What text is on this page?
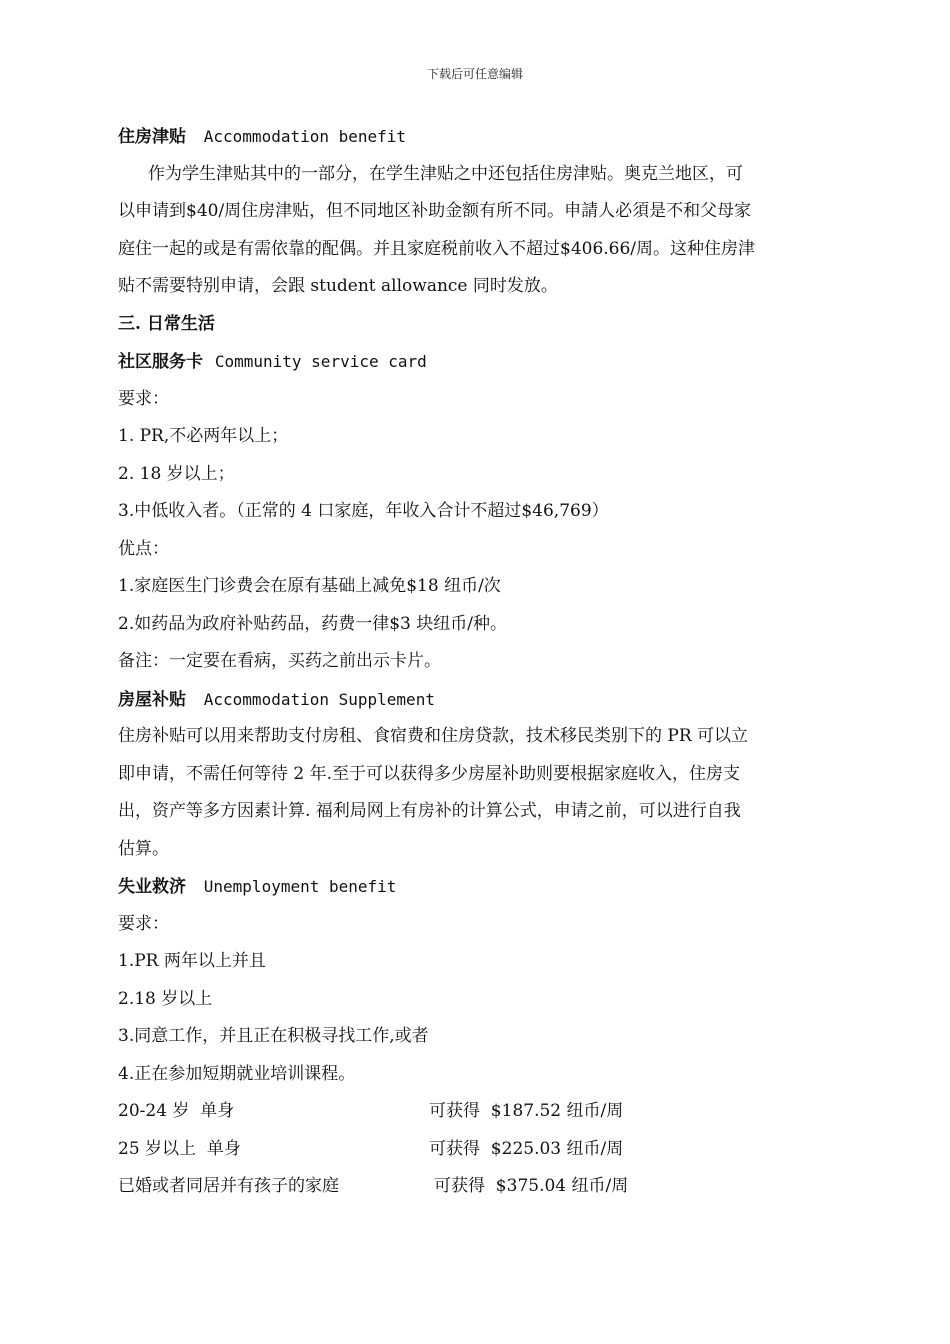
下载后可任意编辑
住房津贴 Accommodation benefit
作为学生津贴其中的一部分，在学生津贴之中还包括住房津贴。奥克兰地区，可
以申请到$40/周住房津贴，但不同地区补助金额有所不同。申請人必須是不和父母家
庭住一起的或是有需依靠的配偶。并且家庭税前收入不超过$406.66/周。这种住房津
贴不需要特别申请，会跟 student allowance 同时发放。
三. 日常生活
社区服务卡 Community service card
要求：
1. PR,不必两年以上；
2. 18 岁以上；
3.中低收入者。（正常的 4 口家庭，年收入合计不超过$46,769）
优点：
1.家庭医生门诊费会在原有基础上减免$18 纽币/次
2.如药品为政府补贴药品，药费一律$3 块纽币/种。
备注：一定要在看病，买药之前出示卡片。
房屋补贴 Accommodation Supplement
住房补贴可以用来帮助支付房租、食宿费和住房贷款，技术移民类别下的 PR 可以立
即申请，不需任何等待 2 年.至于可以获得多少房屋补助则要根据家庭收入，住房支
出，资产等多方因素计算. 福利局网上有房补的计算公式，申请之前，可以进行自我
估算。
失业救济 Unemployment benefit
要求：
1.PR 两年以上并且
2.18 岁以上
3.同意工作，并且正在积极寻找工作,或者
4.正在参加短期就业培训课程。
20-24 岁  单身	可获得  $187.52 纽币/周
25 岁以上  单身	可获得  $225.03 纽币/周
已婚或者同居并有孩子的家庭	可获得  $375.04 纽币/周
